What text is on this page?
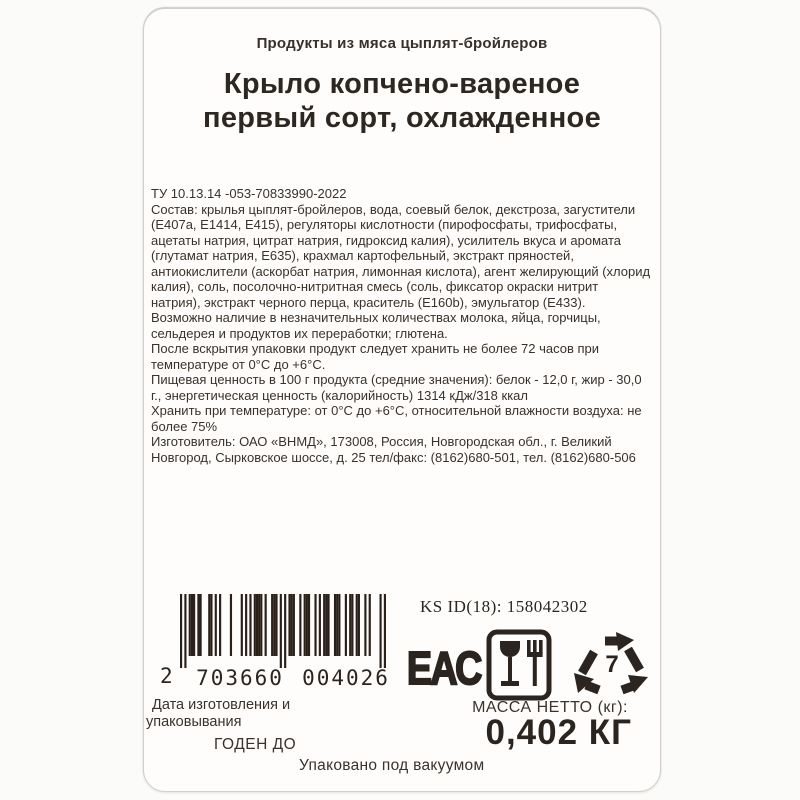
Продукты из мяса цыплят-бройлеров
Крыло копчено-вареное
первый сорт, охлажденное

ТУ 10.13.14 -053-70833990-2022

Состав: крылья цыплят-бройлеров, вода, соевый белок, декстроза, загустители (Е407а, Е1414, Е415), регуляторы кислотности (пирофосфаты, трифосфаты, ацетаты натрия, цитрат натрия, гидроксид калия), усилитель вкуса и аромата (глутамат натрия, Е635), крахмал картофельный, экстракт пряностей, антиокислители (аскорбат натрия, лимонная кислота), агент желирующий (хлорид калия), соль, посолочно-нитритная смесь (соль, фиксатор окраски нитрит натрия), экстракт черного перца, краситель (Е160b), эмульгатор (Е433).

Возможно наличие в незначительных количествах молока, яйца, горчицы, сельдерея и продуктов их переработки; глютена.

После вскрытия упаковки продукт следует хранить не более 72 часов при температуре от 0°С до +6°С.

Пищевая ценность в 100 г продукта (средние значения): белок - 12,0 г, жир - 30,0 г., энергетическая ценность (калорийность) 1314 кДж/318 ккал

Хранить при температуре: от 0°С до +6°С, относительной влажности воздуха: не более 75%

Изготовитель: ОАО «ВНМД», 173008, Россия, Новгородская обл., г. Великий Новгород, Сырковское шоссе, д. 25 тел/факс: (8162)680-501, тел. (8162)680-506

2 703660 004026
KS ID(18): 158042302
ЕАС	7
МАССА НЕТТО (кг):
0,402 КГ
Дата изготовления и
упаковывания
ГОДЕН ДО
Упаковано под вакуумом
